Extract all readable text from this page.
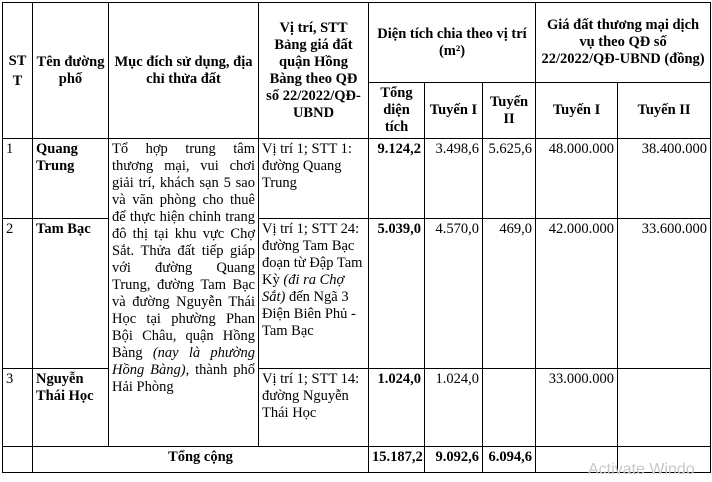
STT	Tên đường phố	Mục đích sử dụng, địa chỉ thửa đất	Vị trí, STT Bảng giá đất quận Hồng Bàng theo QĐ số 22/2022/QĐ-UBND	Diện tích chia theo vị trí (m²)			Giá đất thương mại dịch vụ theo QĐ số 22/2022/QĐ-UBND (đồng)	
				Tổng diện tích	Tuyến I	Tuyến II	Tuyến I	Tuyến II
1	Quang Trung	Tổ hợp trung tâm thương mại, vui chơi giải trí, khách sạn 5 sao và văn phòng cho thuê để thực hiện chỉnh trang đô thị tại khu vực Chợ Sắt. Thửa đất tiếp giáp với đường Quang Trung, đường Tam Bạc và đường Nguyễn Thái Học tại phường Phan Bội Châu, quận Hồng Bàng (nay là phường Hồng Bàng), thành phố Hải Phòng	Vị trí 1; STT 1: đường Quang Trung	9.124,2	3.498,6	5.625,6	48.000.000	38.400.000
2	Tam Bạc		Vị trí 1; STT 24: đường Tam Bạc đoạn từ Đập Tam Kỳ (đi ra Chợ Sắt) đến Ngã 3 Điện Biên Phủ - Tam Bạc	5.039,0	4.570,0	469,0	42.000.000	33.600.000
3	Nguyễn Thái Học		Vị trí 1; STT 14: đường Nguyễn Thái Học	1.024,0	1.024,0		33.000.000	
	Tổng cộng			15.187,2	9.092,6	6.094,6		
Activate Windo
